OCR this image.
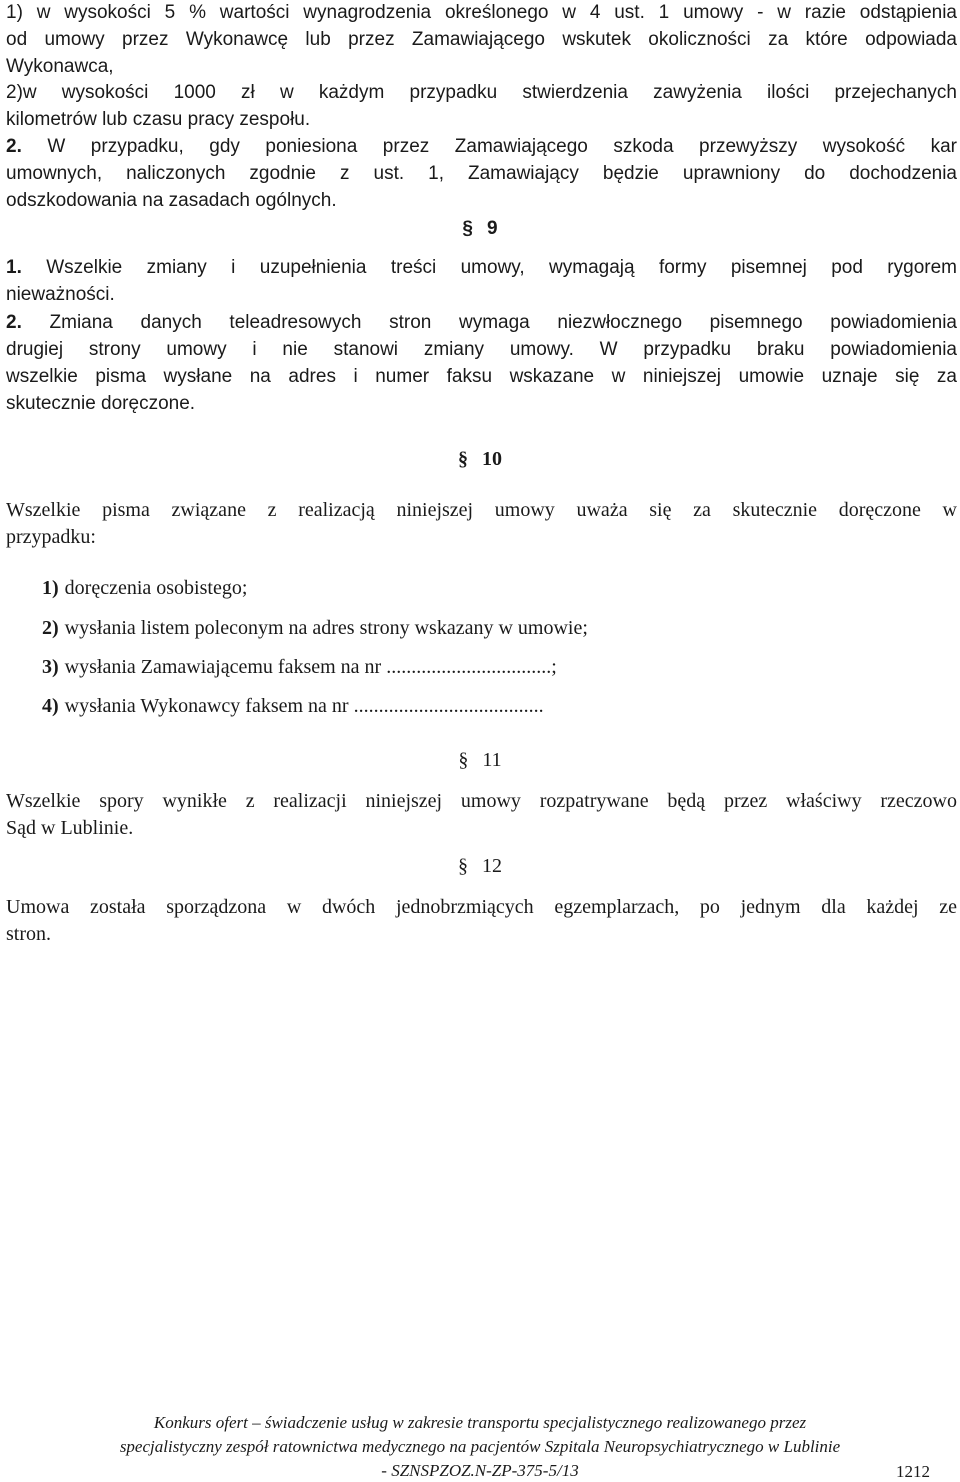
1) w wysokości 5 % wartości wynagrodzenia określonego w 4 ust. 1 umowy - w razie odstąpienia
od umowy przez Wykonawcę lub przez Zamawiającego wskutek okoliczności za które odpowiada
Wykonawca,
2)w wysokości 1000 zł w każdym przypadku stwierdzenia zawyżenia ilości przejechanych
kilometrów lub czasu pracy zespołu.
2. W przypadku, gdy poniesiona przez Zamawiającego szkoda przewyższy wysokość kar
umownych, naliczonych zgodnie z ust. 1, Zamawiający będzie uprawniony do dochodzenia
odszkodowania na zasadach ogólnych.
§ 9
1. Wszelkie zmiany i uzupełnienia treści umowy, wymagają formy pisemnej pod rygorem
nieważności.
2. Zmiana danych teleadresowych stron wymaga niezwłocznego pisemnego powiadomienia
drugiej strony umowy i nie stanowi zmiany umowy. W przypadku braku powiadomienia
wszelkie pisma wysłane na adres i numer faksu wskazane w niniejszej umowie uznaje się za
skutecznie doręczone.
§ 10
Wszelkie pisma związane z realizacją niniejszej umowy uważa się za skutecznie doręczone w
przypadku:
1) doręczenia osobistego;
2) wysłania listem poleconym na adres strony wskazany w umowie;
3) wysłania Zamawiającemu faksem na nr .................................;
4) wysłania Wykonawcy faksem na nr ......................................
§ 11
Wszelkie spory wynikłe z realizacji niniejszej umowy rozpatrywane będą przez właściwy rzeczowo
Sąd w Lublinie.
§ 12
Umowa została sporządzona w dwóch jednobrzmiących egzemplarzach, po jednym dla każdej ze
stron.
Konkurs ofert – świadczenie usług w zakresie transportu specjalistycznego realizowanego przez
specjalistyczny zespół ratownictwa medycznego na pacjentów Szpitala Neuropsychiatrycznego w Lublinie
- SZNSPZOZ.N-ZP-375-5/13	1212
